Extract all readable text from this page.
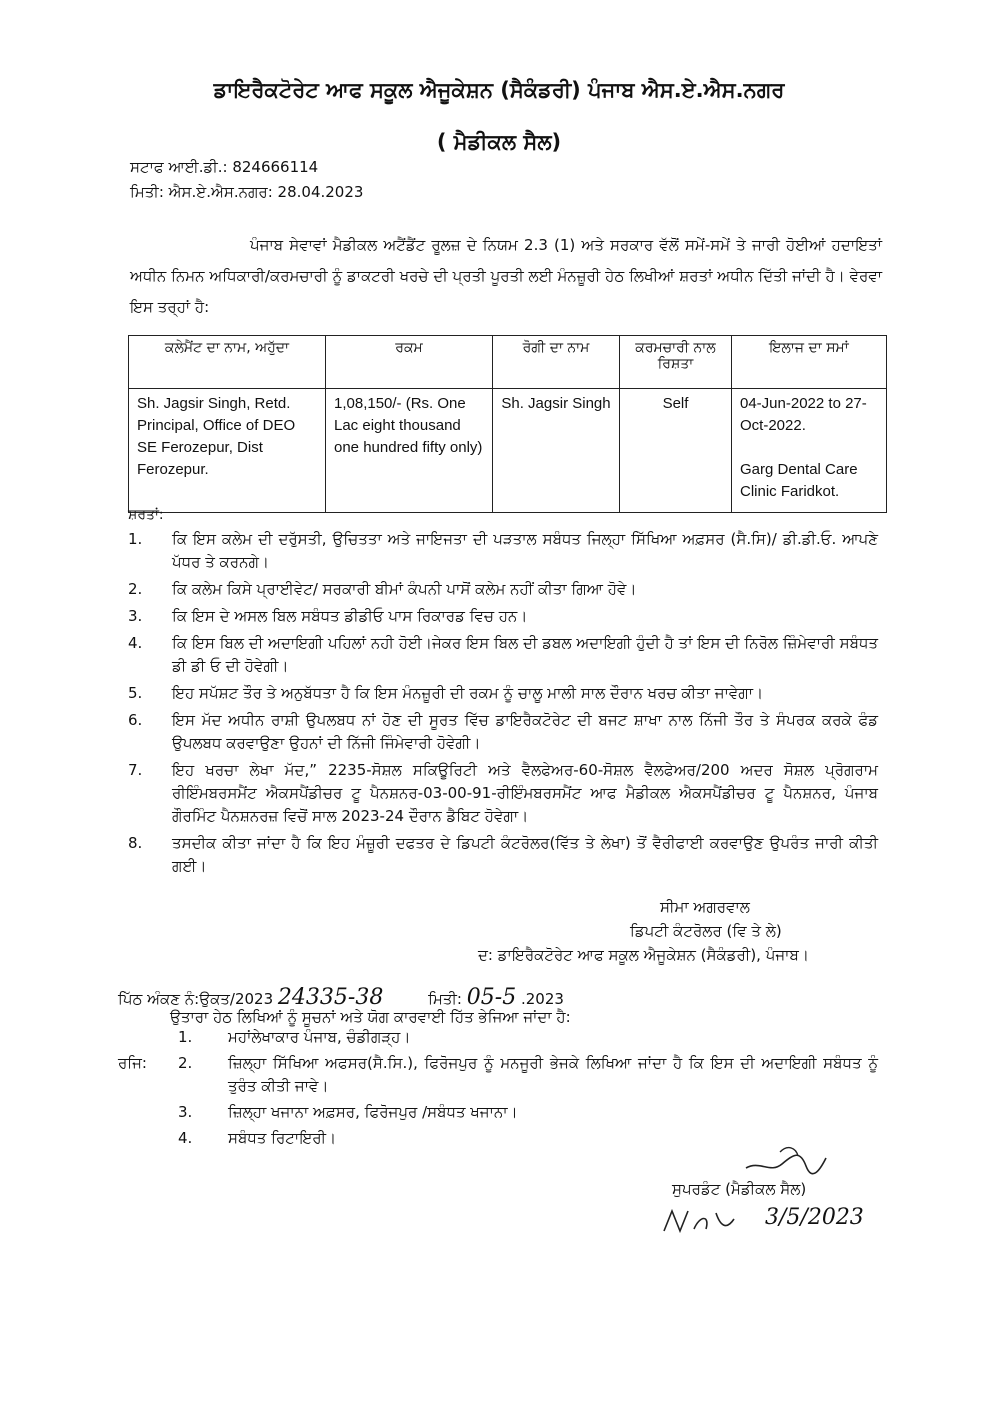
ਡਾਇਰੈਕਟੋਰੇਟ ਆਫ ਸਕੂਲ ਐਜੂਕੇਸ਼ਨ (ਸੈਕੰਡਰੀ) ਪੰਜਾਬ ਐਸ.ਏ.ਐਸ.ਨਗਰ
( ਮੈਡੀਕਲ ਸੈਲ)
ਸਟਾਫ ਆਈ.ਡੀ.: 824666114
ਮਿਤੀ: ਐਸ.ਏ.ਐਸ.ਨਗਰ: 28.04.2023
ਪੰਜਾਬ ਸੇਵਾਵਾਂ ਮੈਡੀਕਲ ਅਟੈਂਡੈਂਟ ਰੂਲਜ਼ ਦੇ ਨਿਯਮ 2.3 (1) ਅਤੇ ਸਰਕਾਰ ਵੱਲੋਂ ਸਮੇਂ-ਸਮੇਂ ਤੇ ਜਾਰੀ ਹੋਈਆਂ ਹਦਾਇਤਾਂ ਅਧੀਨ ਨਿਮਨ ਅਧਿਕਾਰੀ/ਕਰਮਚਾਰੀ ਨੂੰ ਡਾਕਟਰੀ ਖਰਚੇ ਦੀ ਪ੍ਰਤੀ ਪੂਰਤੀ ਲਈ ਮੰਨਜ਼ੂਰੀ ਹੇਠ ਲਿਖੀਆਂ ਸ਼ਰਤਾਂ ਅਧੀਨ ਦਿੱਤੀ ਜਾਂਦੀ ਹੈ। ਵੇਰਵਾ ਇਸ ਤਰ੍ਹਾਂ ਹੈ:
ਕਲੇਮੈਂਟ ਦਾ ਨਾਮ, ਅਹੁੱਦਾ	ਰਕਮ	ਰੋਗੀ ਦਾ ਨਾਮ	ਕਰਮਚਾਰੀ ਨਾਲ ਰਿਸ਼ਤਾ	ਇਲਾਜ ਦਾ ਸਮਾਂ
Sh. Jagsir Singh, Retd. Principal, Office of DEO SE Ferozepur, Dist Ferozepur.	1,08,150/- (Rs. One Lac eight thousand one hundred fifty only)	Sh. Jagsir Singh	Self	04-Jun-2022 to 27-Oct-2022.
Garg Dental Care Clinic Faridkot.
ਸ਼ਰਤਾਂ:
1.	ਕਿ ਇਸ ਕਲੇਮ ਦੀ ਦਰੁੱਸਤੀ, ਉਚਿਤਤਾ ਅਤੇ ਜਾਇਜਤਾ ਦੀ ਪੜਤਾਲ ਸਬੰਧਤ ਜਿਲ੍ਹਾ ਸਿੱਖਿਆ ਅਫ਼ਸਰ (ਸੈ.ਸਿ)/ ਡੀ.ਡੀ.ਓ. ਆਪਣੇ ਪੱਧਰ ਤੇ ਕਰਨਗੇ।
2.	ਕਿ ਕਲੇਮ ਕਿਸੇ ਪ੍ਰਾਈਵੇਟ/ ਸਰਕਾਰੀ ਬੀਮਾਂ ਕੰਪਨੀ ਪਾਸੋਂ ਕਲੇਮ ਨਹੀਂ ਕੀਤਾ ਗਿਆ ਹੋਵੇ।
3.	ਕਿ ਇਸ ਦੇ ਅਸਲ ਬਿਲ ਸਬੰਧਤ ਡੀਡੀਓ ਪਾਸ ਰਿਕਾਰਡ ਵਿਚ ਹਨ।
4.	ਕਿ ਇਸ ਬਿਲ ਦੀ ਅਦਾਇਗੀ ਪਹਿਲਾਂ ਨਹੀ ਹੋਈ।ਜੇਕਰ ਇਸ ਬਿਲ ਦੀ ਡਬਲ ਅਦਾਇਗੀ ਹੁੰਦੀ ਹੈ ਤਾਂ ਇਸ ਦੀ ਨਿਰੋਲ ਜ਼ਿੰਮੇਵਾਰੀ ਸਬੰਧਤ ਡੀ ਡੀ ਓ ਦੀ ਹੋਵੇਗੀ।
5.	ਇਹ ਸਪੱਸ਼ਟ ਤੌਰ ਤੇ ਅਨੁਬੱਧਤਾ ਹੈ ਕਿ ਇਸ ਮੰਨਜ਼ੂਰੀ ਦੀ ਰਕਮ ਨੂੰ ਚਾਲੂ ਮਾਲੀ ਸਾਲ ਦੌਰਾਨ ਖਰਚ ਕੀਤਾ ਜਾਵੇਗਾ।
6.	ਇਸ ਮੱਦ ਅਧੀਨ ਰਾਸ਼ੀ ਉਪਲਬਧ ਨਾਂ ਹੋਣ ਦੀ ਸੂਰਤ ਵਿੱਚ ਡਾਇਰੈਕਟੋਰੇਟ ਦੀ ਬਜਟ ਸ਼ਾਖਾ ਨਾਲ ਨਿੱਜੀ ਤੌਰ ਤੇ ਸੰਪਰਕ ਕਰਕੇ ਫੰਡ ਉਪਲਬਧ ਕਰਵਾਉਣਾ ਉਹਨਾਂ ਦੀ ਨਿੱਜੀ ਜਿੰਮੇਵਾਰੀ ਹੋਵੇਗੀ।
7.	ਇਹ ਖਰਚਾ ਲੇਖਾ ਮੱਦ,” 2235-ਸੋਸ਼ਲ ਸਕਿਊਰਿਟੀ ਅਤੇ ਵੈਲਫੇਅਰ-60-ਸੋਸ਼ਲ ਵੈਲਫੇਅਰ/200 ਅਦਰ ਸੋਸ਼ਲ ਪ੍ਰੋਗਰਾਮ ਰੀਇੰਮਬਰਸਮੈਂਟ ਐਕਸਪੈਂਡੀਚਰ ਟੂ ਪੈਨਸ਼ਨਰ-03-00-91-ਰੀਇੰਮਬਰਸਮੈਂਟ ਆਫ ਮੈਡੀਕਲ ਐਕਸਪੈਂਡੀਚਰ ਟੂ ਪੈਨਸ਼ਨਰ, ਪੰਜਾਬ ਗੌਰਮਿੰਟ ਪੈਨਸ਼ਨਰਜ਼ ਵਿਚੋਂ ਸਾਲ 2023-24 ਦੌਰਾਨ ਡੈਬਿਟ ਹੋਵੇਗਾ।
8.	ਤਸਦੀਕ ਕੀਤਾ ਜਾਂਦਾ ਹੈ ਕਿ ਇਹ ਮੰਜ਼ੂਰੀ ਦਫਤਰ ਦੇ ਡਿਪਟੀ ਕੰਟਰੋਲਰ(ਵਿੱਤ ਤੇ ਲੇਖਾ) ਤੋਂ ਵੈਰੀਫਾਈ ਕਰਵਾਉਣ ਉਪਰੰਤ ਜਾਰੀ ਕੀਤੀ ਗਈ।
ਸੀਮਾ ਅਗਰਵਾਲ
ਡਿਪਟੀ ਕੰਟਰੋਲਰ (ਵਿ ਤੇ ਲੇ)
ਦ: ਡਾਇਰੈਕਟੋਰੇਟ ਆਫ ਸਕੂਲ ਐਜੂਕੇਸ਼ਨ (ਸੈਕੰਡਰੀ), ਪੰਜਾਬ।
ਪਿੱਠ ਅੰਕਣ ਨੰ:ਉਕਤ/2023 24335-38	ਮਿਤੀ: 05-5 .2023
ਉਤਾਰਾ ਹੇਠ ਲਿਖਿਆਂ ਨੂੰ ਸੂਚਨਾਂ ਅਤੇ ਯੋਗ ਕਾਰਵਾਈ ਹਿੱਤ ਭੇਜਿਆ ਜਾਂਦਾ ਹੈ:
1.	ਮਹਾਂਲੇਖਾਕਾਰ ਪੰਜਾਬ, ਚੰਡੀਗੜ੍ਹ।
ਰਜਿ:	2.	ਜ਼ਿਲ੍ਹਾ ਸਿੱਖਿਆ ਅਫਸਰ(ਸੈ.ਸਿ.), ਫਿਰੋਜਪੁਰ ਨੂੰ ਮਨਜੂਰੀ ਭੇਜਕੇ ਲਿਖਿਆ ਜਾਂਦਾ ਹੈ ਕਿ ਇਸ ਦੀ ਅਦਾਇਗੀ ਸਬੰਧਤ ਨੂੰ ਤੁਰੰਤ ਕੀਤੀ ਜਾਵੇ।
3.	ਜ਼ਿਲ੍ਹਾ ਖਜਾਨਾ ਅਫ਼ਸਰ, ਫਿਰੋਜਪੁਰ /ਸਬੰਧਤ ਖਜਾਨਾ।
4.	ਸਬੰਧਤ ਰਿਟਾਇਰੀ।
ਸੁਪਰਡੰਟ (ਮੈਡੀਕਲ ਸੈਲ)
3/5/2023
